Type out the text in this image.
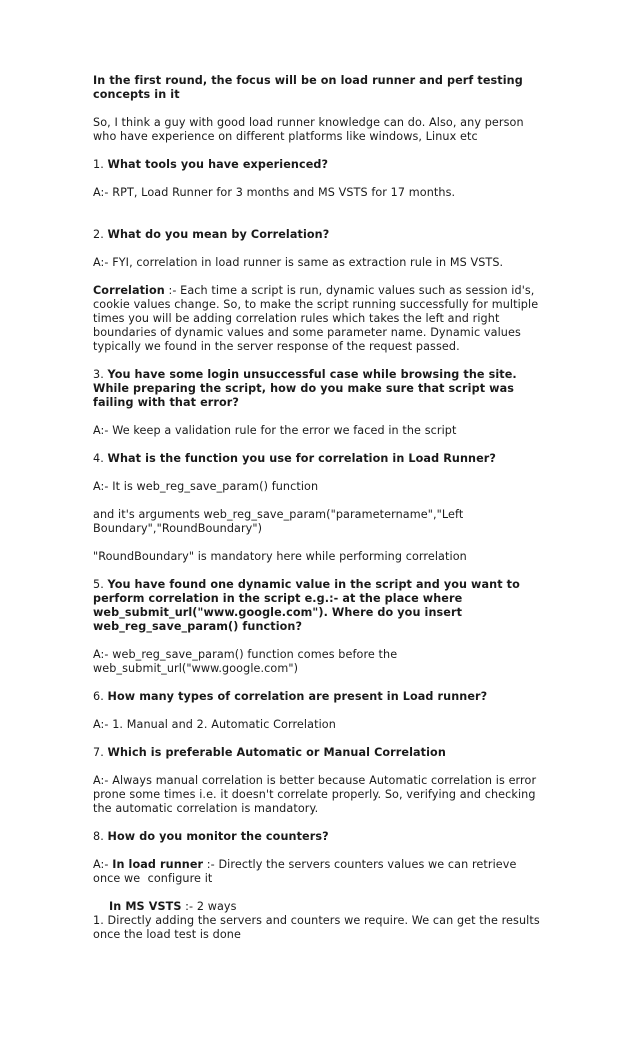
In the first round, the focus will be on load runner and perf testing concepts in it
So, I think a guy with good load runner knowledge can do. Also, any person who have experience on different platforms like windows, Linux etc
1. What tools you have experienced?
A:- RPT, Load Runner for 3 months and MS VSTS for 17 months.
2. What do you mean by Correlation?
A:- FYI, correlation in load runner is same as extraction rule in MS VSTS.
Correlation :- Each time a script is run, dynamic values such as session id's, cookie values change. So, to make the script running successfully for multiple times you will be adding correlation rules which takes the left and right boundaries of dynamic values and some parameter name. Dynamic values typically we found in the server response of the request passed.
3. You have some login unsuccessful case while browsing the site. While preparing the script, how do you make sure that script was failing with that error?
A:- We keep a validation rule for the error we faced in the script
4. What is the function you use for correlation in Load Runner?
A:- It is web_reg_save_param() function
and it's arguments web_reg_save_param("parametername","Left Boundary","RoundBoundary")
"RoundBoundary" is mandatory here while performing correlation
5. You have found one dynamic value in the script and you want to perform correlation in the script e.g.:- at the place where web_submit_url("www.google.com"). Where do you insert web_reg_save_param() function?
A:- web_reg_save_param() function comes before the web_submit_url("www.google.com")
6. How many types of correlation are present in Load runner?
A:- 1. Manual and 2. Automatic Correlation
7. Which is preferable Automatic or Manual Correlation
A:- Always manual correlation is better because Automatic correlation is error prone some times i.e. it doesn't correlate properly. So, verifying and checking the automatic correlation is mandatory.
8. How do you monitor the counters?
A:- In load runner :- Directly the servers counters values we can retrieve once we  configure it
In MS VSTS :- 2 ways
1. Directly adding the servers and counters we require. We can get the results once the load test is done
